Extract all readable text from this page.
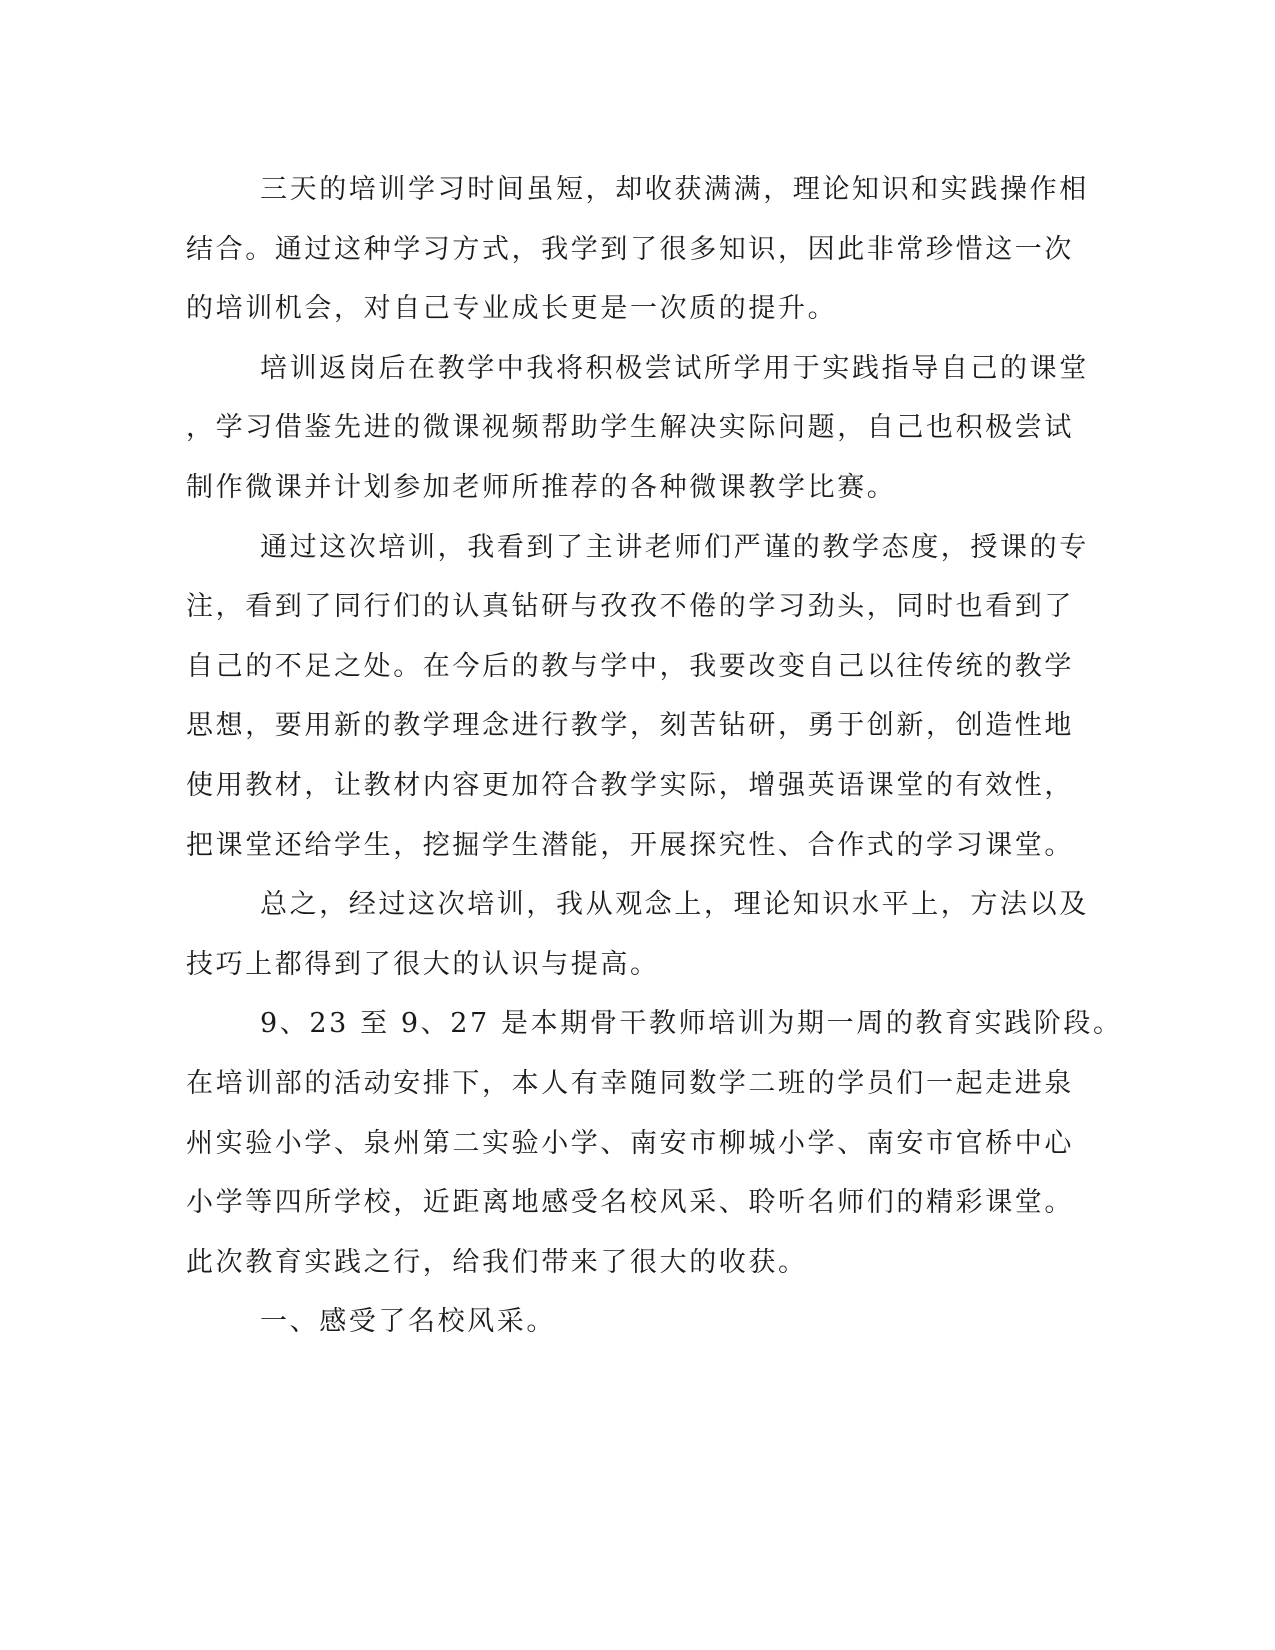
三天的培训学习时间虽短，却收获满满，理论知识和实践操作相
结合。通过这种学习方式，我学到了很多知识，因此非常珍惜这一次
的培训机会，对自己专业成长更是一次质的提升。
培训返岗后在教学中我将积极尝试所学用于实践指导自己的课堂
，学习借鉴先进的微课视频帮助学生解决实际问题，自己也积极尝试
制作微课并计划参加老师所推荐的各种微课教学比赛。
通过这次培训，我看到了主讲老师们严谨的教学态度，授课的专
注，看到了同行们的认真钻研与孜孜不倦的学习劲头，同时也看到了
自己的不足之处。在今后的教与学中，我要改变自己以往传统的教学
思想，要用新的教学理念进行教学，刻苦钻研，勇于创新，创造性地
使用教材，让教材内容更加符合教学实际，增强英语课堂的有效性，
把课堂还给学生，挖掘学生潜能，开展探究性、合作式的学习课堂。
总之，经过这次培训，我从观念上，理论知识水平上，方法以及
技巧上都得到了很大的认识与提高。
9、23 至 9、27 是本期骨干教师培训为期一周的教育实践阶段。
在培训部的活动安排下，本人有幸随同数学二班的学员们一起走进泉
州实验小学、泉州第二实验小学、南安市柳城小学、南安市官桥中心
小学等四所学校，近距离地感受名校风采、聆听名师们的精彩课堂。
此次教育实践之行，给我们带来了很大的收获。
一、感受了名校风采。
